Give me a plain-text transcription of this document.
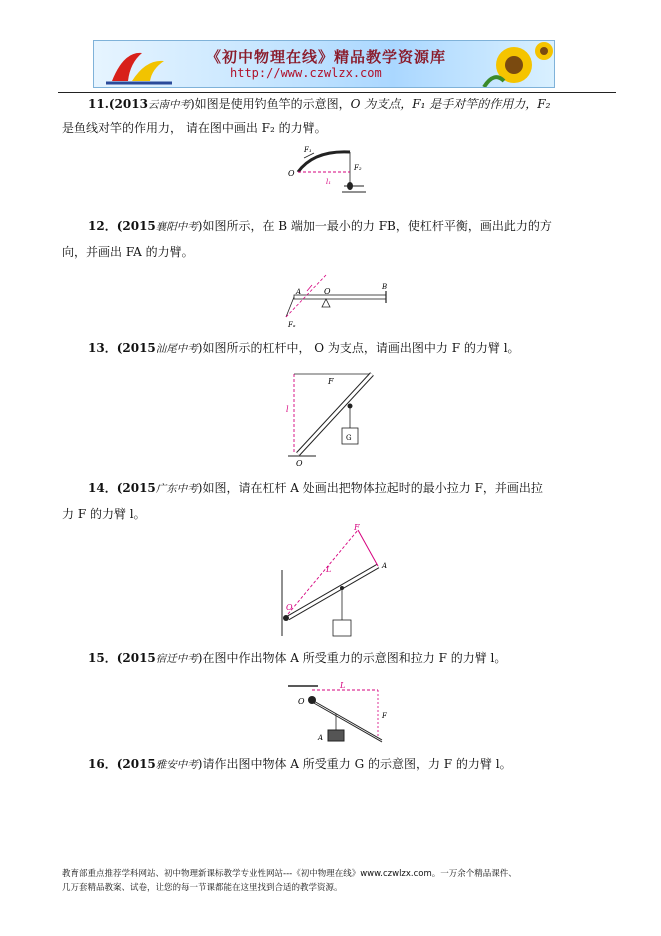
《初中物理在线》精品教学资源库
http://www.czwlzx.com
11.(2013云南中考)如图是使用钓鱼竿的示意图，O 为支点，F₁ 是手对竿的作用力，F₂
是鱼线对竿的作用力， 请在图中画出 F₂ 的力臂。
F₁
F₂
O
l₁
12．(2015襄阳中考)如图所示，在 B 端加一最小的力 FB，使杠杆平衡，画出此力的方
向，并画出 FA 的力臂。
A	O	B
Fₐ
13．(2015汕尾中考)如图所示的杠杆中， O 为支点，请画出图中力 F 的力臂 l。
F
l
G
O
14．(2015广东中考)如图，请在杠杆 A 处画出把物体拉起时的最小拉力 F，并画出拉
力 F 的力臂 l。
F
L	A
O
15．(2015宿迁中考)在图中作出物体 A 所受重力的示意图和拉力 F 的力臂 l。
L
F
O
A
16．(2015雅安中考)请作出图中物体 A 所受重力 G 的示意图，力 F 的力臂 l。
教育部重点推荐学科网站、初中物理新课标教学专业性网站---《初中物理在线》www.czwlzx.com。一万余个精品课件、
几万套精品教案、试卷，让您的每一节课都能在这里找到合适的教学资源。
